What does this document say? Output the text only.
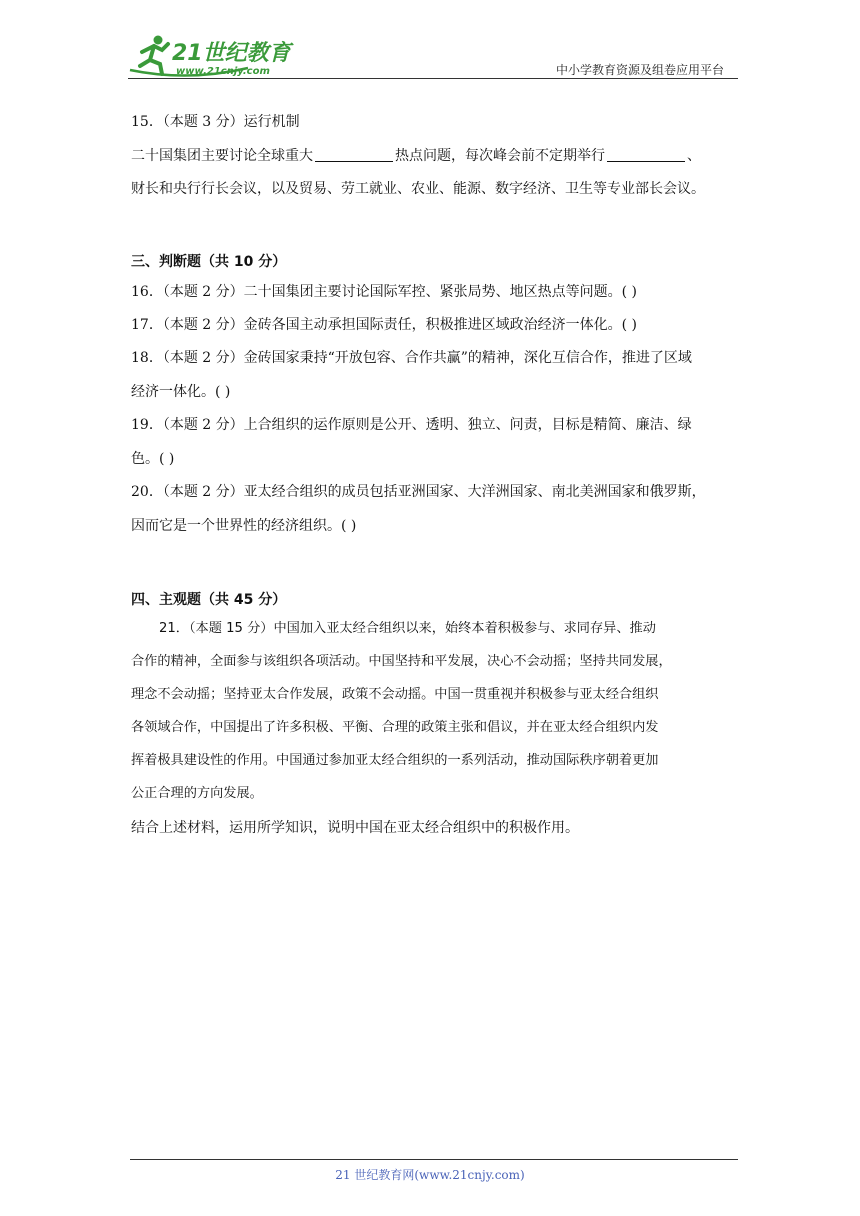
21世纪教育
www.21cnjy.com	中小学教育资源及组卷应用平台
15．（本题 3 分）运行机制
二十国集团主要讨论全球重大	热点问题，每次峰会前不定期举行	、
财长和央行行长会议，以及贸易、劳工就业、农业、能源、数字经济、卫生等专业部长会议。
三、判断题（共 10 分）
16．（本题 2 分）二十国集团主要讨论国际军控、紧张局势、地区热点等问题。( )
17．（本题 2 分）金砖各国主动承担国际责任，积极推进区域政治经济一体化。( )
18．（本题 2 分）金砖国家秉持“开放包容、合作共赢”的精神，深化互信合作，推进了区域
经济一体化。( )
19．（本题 2 分）上合组织的运作原则是公开、透明、独立、问责，目标是精简、廉洁、绿
色。( )
20．（本题 2 分）亚太经合组织的成员包括亚洲国家、大洋洲国家、南北美洲国家和俄罗斯，
因而它是一个世界性的经济组织。( )
四、主观题（共 45 分）
21．（本题 15 分）中国加入亚太经合组织以来，始终本着积极参与、求同存异、推动
合作的精神，全面参与该组织各项活动。中国坚持和平发展，决心不会动摇；坚持共同发展，
理念不会动摇；坚持亚太合作发展，政策不会动摇。中国一贯重视并积极参与亚太经合组织
各领域合作，中国提出了许多积极、平衡、合理的政策主张和倡议，并在亚太经合组织内发
挥着极具建设性的作用。中国通过参加亚太经合组织的一系列活动，推动国际秩序朝着更加
公正合理的方向发展。
结合上述材料，运用所学知识，说明中国在亚太经合组织中的积极作用。
21 世纪教育网(www.21cnjy.com)
